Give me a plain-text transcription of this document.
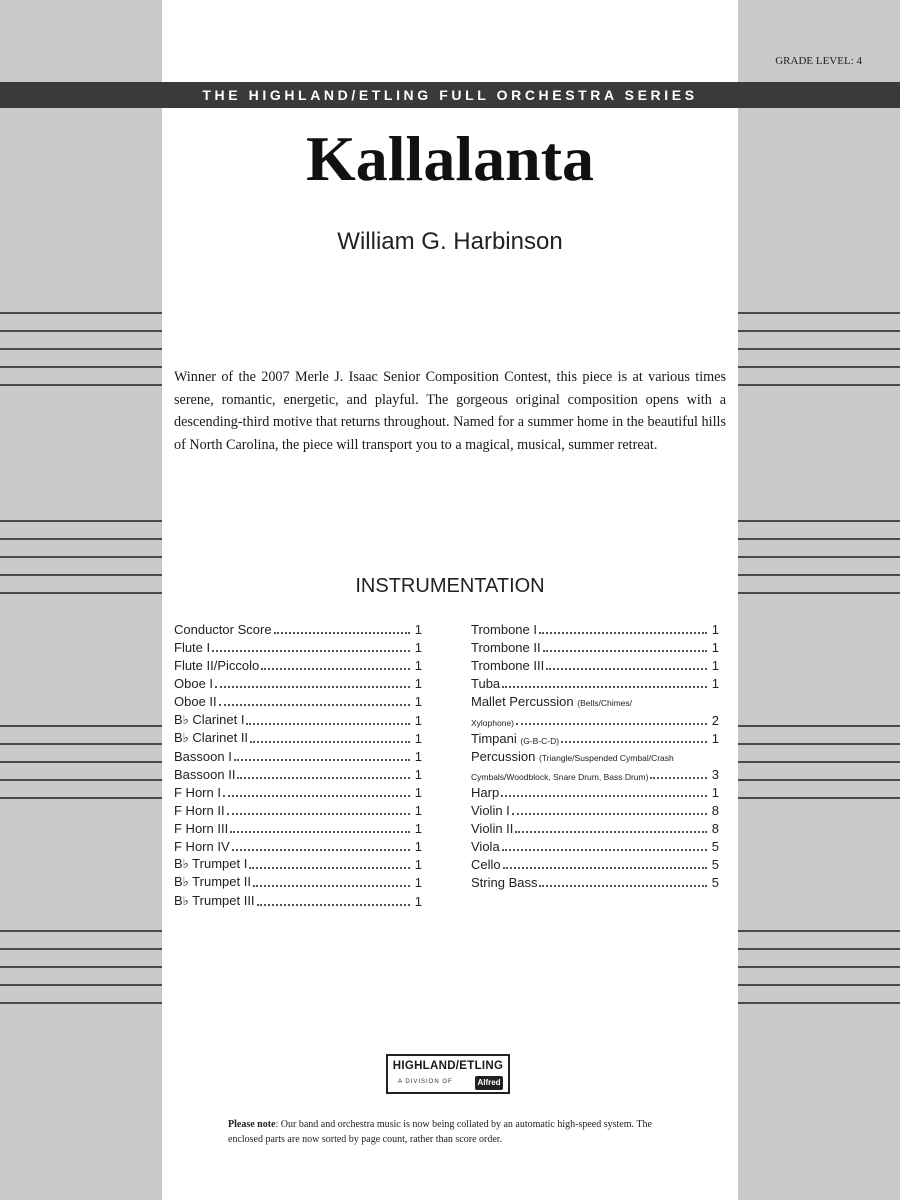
GRADE LEVEL: 4
THE HIGHLAND/ETLING FULL ORCHESTRA SERIES
Kallalanta
William G. Harbinson
Winner of the 2007 Merle J. Isaac Senior Composition Contest, this piece is at various times serene, romantic, energetic, and playful. The gorgeous original composition opens with a descending-third motive that returns throughout. Named for a summer home in the beautiful hills of North Carolina, the piece will transport you to a magical, musical, summer retreat.
INSTRUMENTATION
Conductor Score	1
Flute I	1
Flute II/Piccolo	1
Oboe I	1
Oboe II	1
B♭ Clarinet I	1
B♭ Clarinet II	1
Bassoon I	1
Bassoon II	1
F Horn I	1
F Horn II	1
F Horn III	1
F Horn IV	1
B♭ Trumpet I	1
B♭ Trumpet II	1
B♭ Trumpet III	1
Trombone I	1
Trombone II	1
Trombone III	1
Tuba	1
Mallet Percussion (Bells/Chimes/
Xylophone)	2
Timpani
(G-B-C-D)	1
Percussion (Triangle/Suspended Cymbal/Crash
Cymbals/Woodblock, Snare Drum, Bass Drum)	3
Harp	1
Violin I	8
Violin II	8
Viola	5
Cello	5
String Bass	5
HIGHLAND/ETLING
A DIVISION OF	Alfred
Please note: Our band and orchestra music is now being collated by an automatic high-speed system. The enclosed parts are now sorted by page count, rather than score order.
